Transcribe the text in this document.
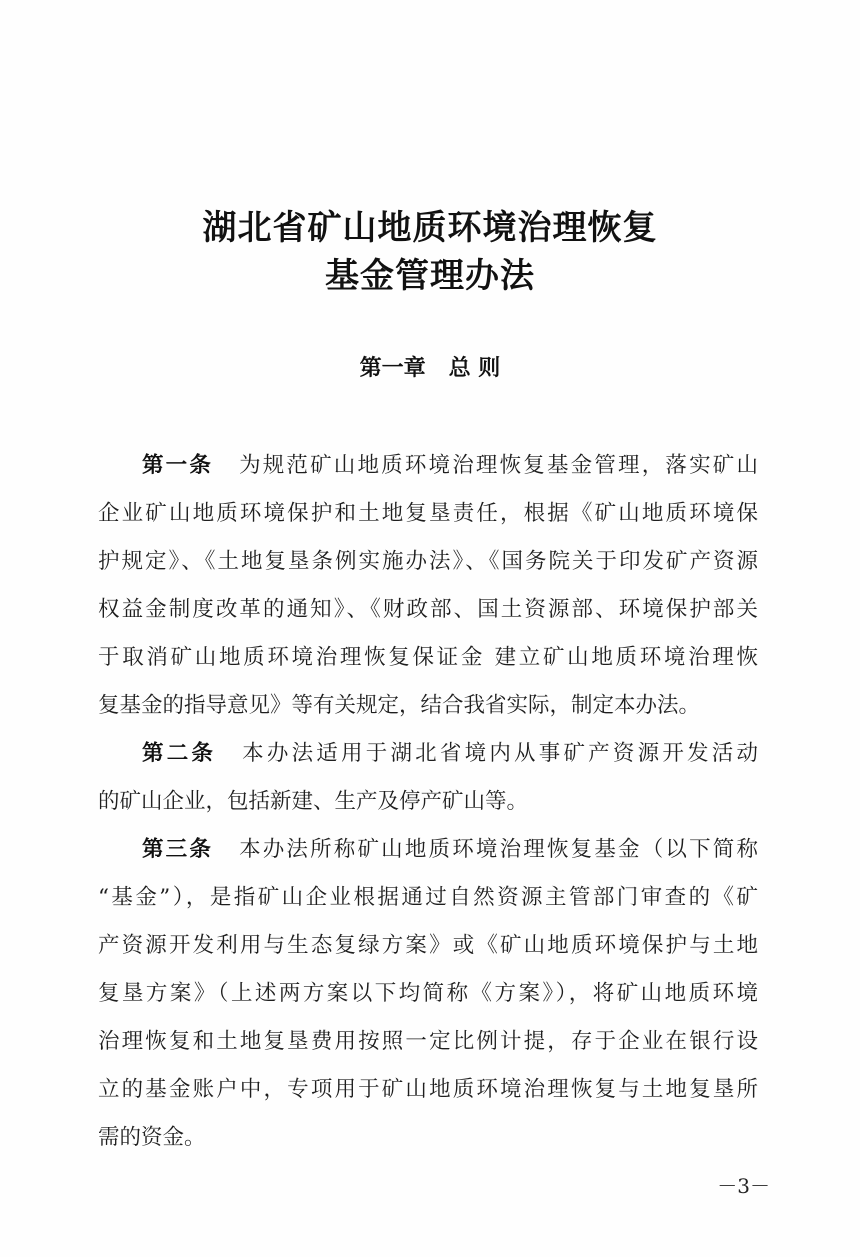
湖北省矿山地质环境治理恢复
基金管理办法
第一章   总 则
第一条 为规范矿山地质环境治理恢复基金管理，落实矿山
企业矿山地质环境保护和土地复垦责任，根据《矿山地质环境保
护规定》、《土地复垦条例实施办法》、《国务院关于印发矿产资源
权益金制度改革的通知》、《财政部、国土资源部、环境保护部关
于取消矿山地质环境治理恢复保证金 建立矿山地质环境治理恢
复基金的指导意见》等有关规定，结合我省实际，制定本办法。
第二条 本办法适用于湖北省境内从事矿产资源开发活动
的矿山企业，包括新建、生产及停产矿山等。
第三条 本办法所称矿山地质环境治理恢复基金（以下简称
“基金”），是指矿山企业根据通过自然资源主管部门审查的《矿
产资源开发利用与生态复绿方案》或《矿山地质环境保护与土地
复垦方案》（上述两方案以下均简称《方案》），将矿山地质环境
治理恢复和土地复垦费用按照一定比例计提，存于企业在银行设
立的基金账户中，专项用于矿山地质环境治理恢复与土地复垦所
需的资金。
－3－
